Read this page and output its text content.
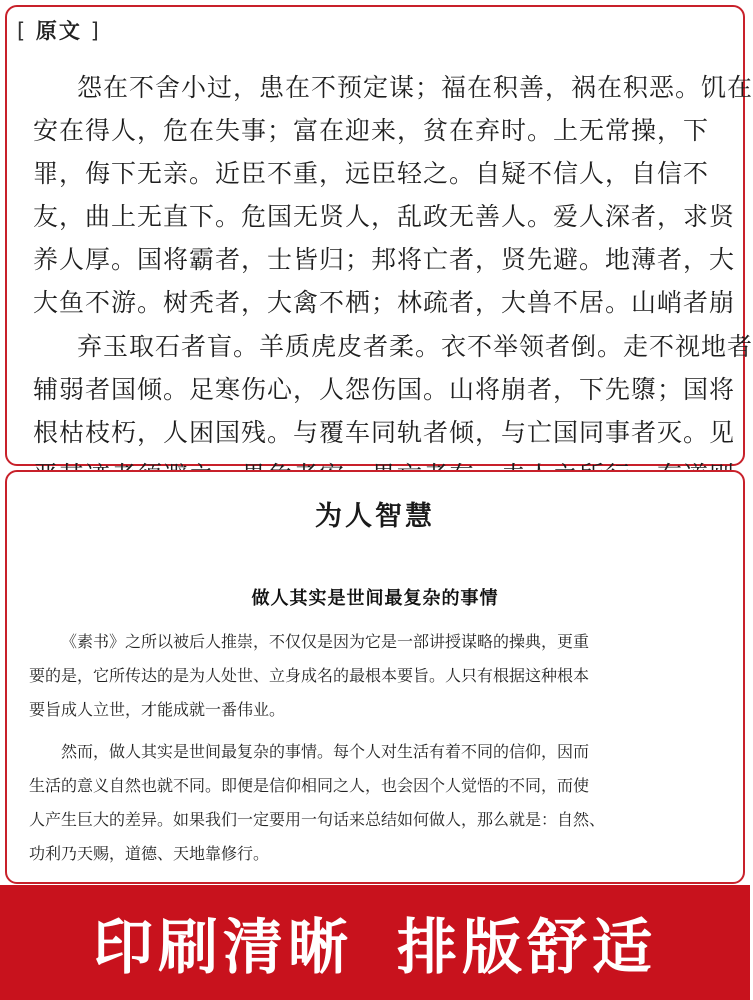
[ 原文 ]
怨在不舍小过，患在不预定谋；福在积善，祸在积恶。饥在
安在得人，危在失事；富在迎来，贫在弃时。上无常操，下
罪，侮下无亲。近臣不重，远臣轻之。自疑不信人，自信不
友，曲上无直下。危国无贤人，乱政无善人。爱人深者，求贤
养人厚。国将霸者，士皆归；邦将亡者，贤先避。地薄者，大
大鱼不游。树秃者，大禽不栖；林疏者，大兽不居。山峭者崩
弃玉取石者盲。羊质虎皮者柔。衣不举领者倒。走不视地者
辅弱者国倾。足寒伤心，人怨伤国。山将崩者，下先隳；国将
根枯枝朽，人困国残。与覆车同轨者倾，与亡国同事者灭。见
为人智慧
做人其实是世间最复杂的事情
《素书》之所以被后人推崇，不仅仅是因为它是一部讲授谋略的操典，更重
要的是，它所传达的是为人处世、立身成名的最根本要旨。人只有根据这种根本
要旨成人立世，才能成就一番伟业。
然而，做人其实是世间最复杂的事情。每个人对生活有着不同的信仰，因而
生活的意义自然也就不同。即便是信仰相同之人，也会因个人觉悟的不同，而使
人产生巨大的差异。如果我们一定要用一句话来总结如何做人，那么就是：自然、
功利乃天赐，道德、天地靠修行。
印刷清晰 排版舒适
